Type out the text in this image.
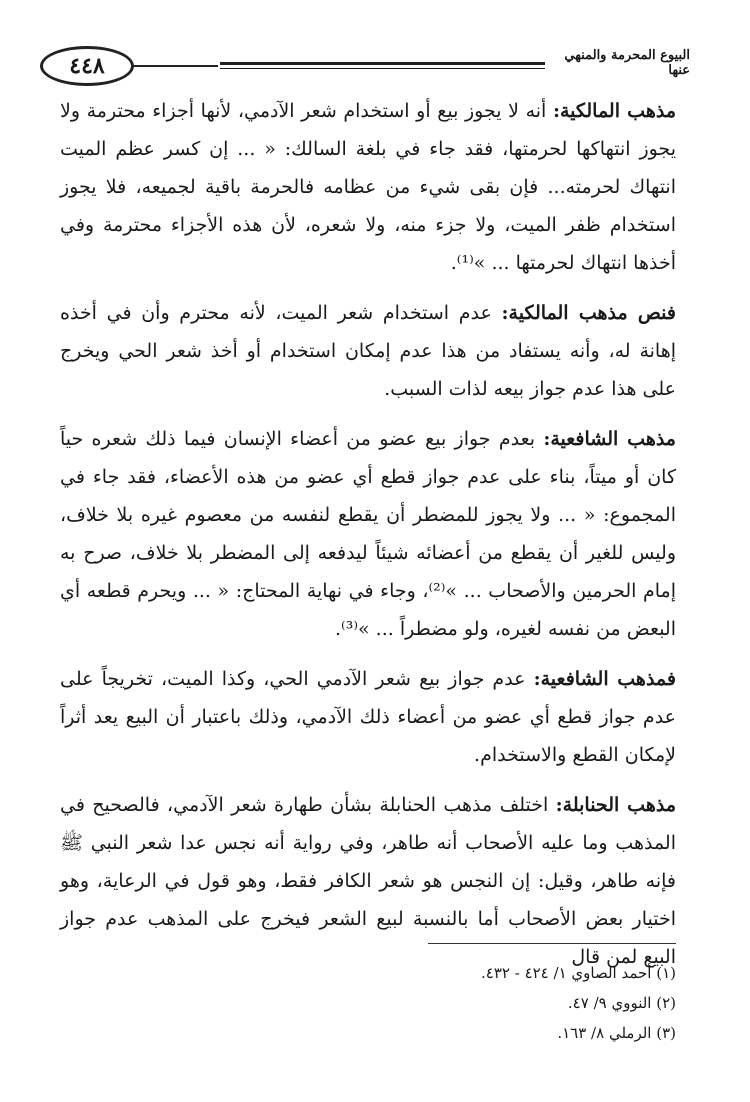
٤٤٨	البيوع المحرمة والمنهي عنها

مذهب المالكية: أنه لا يجوز بيع أو استخدام شعر الآدمي، لأنها أجزاء محترمة ولا يجوز انتهاكها لحرمتها، فقد جاء في بلغة السالك: « ... إن كسر عظم الميت انتهاك لحرمته... فإن بقى شيء من عظامه فالحرمة باقية لجميعه، فلا يجوز استخدام ظفر الميت، ولا جزء منه، ولا شعره، لأن هذه الأجزاء محترمة وفي أخذها انتهاك لحرمتها ... »⁽¹⁾.

فنص مذهب المالكية: عدم استخدام شعر الميت، لأنه محترم وأن في أخذه إهانة له، وأنه يستفاد من هذا عدم إمكان استخدام أو أخذ شعر الحي ويخرج على هذا عدم جواز بيعه لذات السبب.

مذهب الشافعية: بعدم جواز بيع عضو من أعضاء الإنسان فيما ذلك شعره حياً كان أو ميتاً، بناء على عدم جواز قطع أي عضو من هذه الأعضاء، فقد جاء في المجموع: « ... ولا يجوز للمضطر أن يقطع لنفسه من معصوم غيره بلا خلاف، وليس للغير أن يقطع من أعضائه شيئاً ليدفعه إلى المضطر بلا خلاف، صرح به إمام الحرمين والأصحاب ... »⁽²⁾، وجاء في نهاية المحتاج: « ... ويحرم قطعه أي البعض من نفسه لغيره، ولو مضطراً ... »⁽³⁾.

فمذهب الشافعية: عدم جواز بيع شعر الآدمي الحي، وكذا الميت، تخريجاً على عدم جواز قطع أي عضو من أعضاء ذلك الآدمي، وذلك باعتبار أن البيع يعد أثراً لإمكان القطع والاستخدام.

مذهب الحنابلة: اختلف مذهب الحنابلة بشأن طهارة شعر الآدمي، فالصحيح في المذهب وما عليه الأصحاب أنه طاهر، وفي رواية أنه نجس عدا شعر النبي ﷺ فإنه طاهر، وقيل: إن النجس هو شعر الكافر فقط، وهو قول في الرعاية، وهو اختيار بعض الأصحاب أما بالنسبة لبيع الشعر فيخرج على المذهب عدم جواز البيع لمن قال

(١) أحمد الصاوي ١/ ٤٢٤ - ٤٣٢.

(٢) النووي ٩/ ٤٧.

(٣) الرملي ٨/ ١٦٣.
